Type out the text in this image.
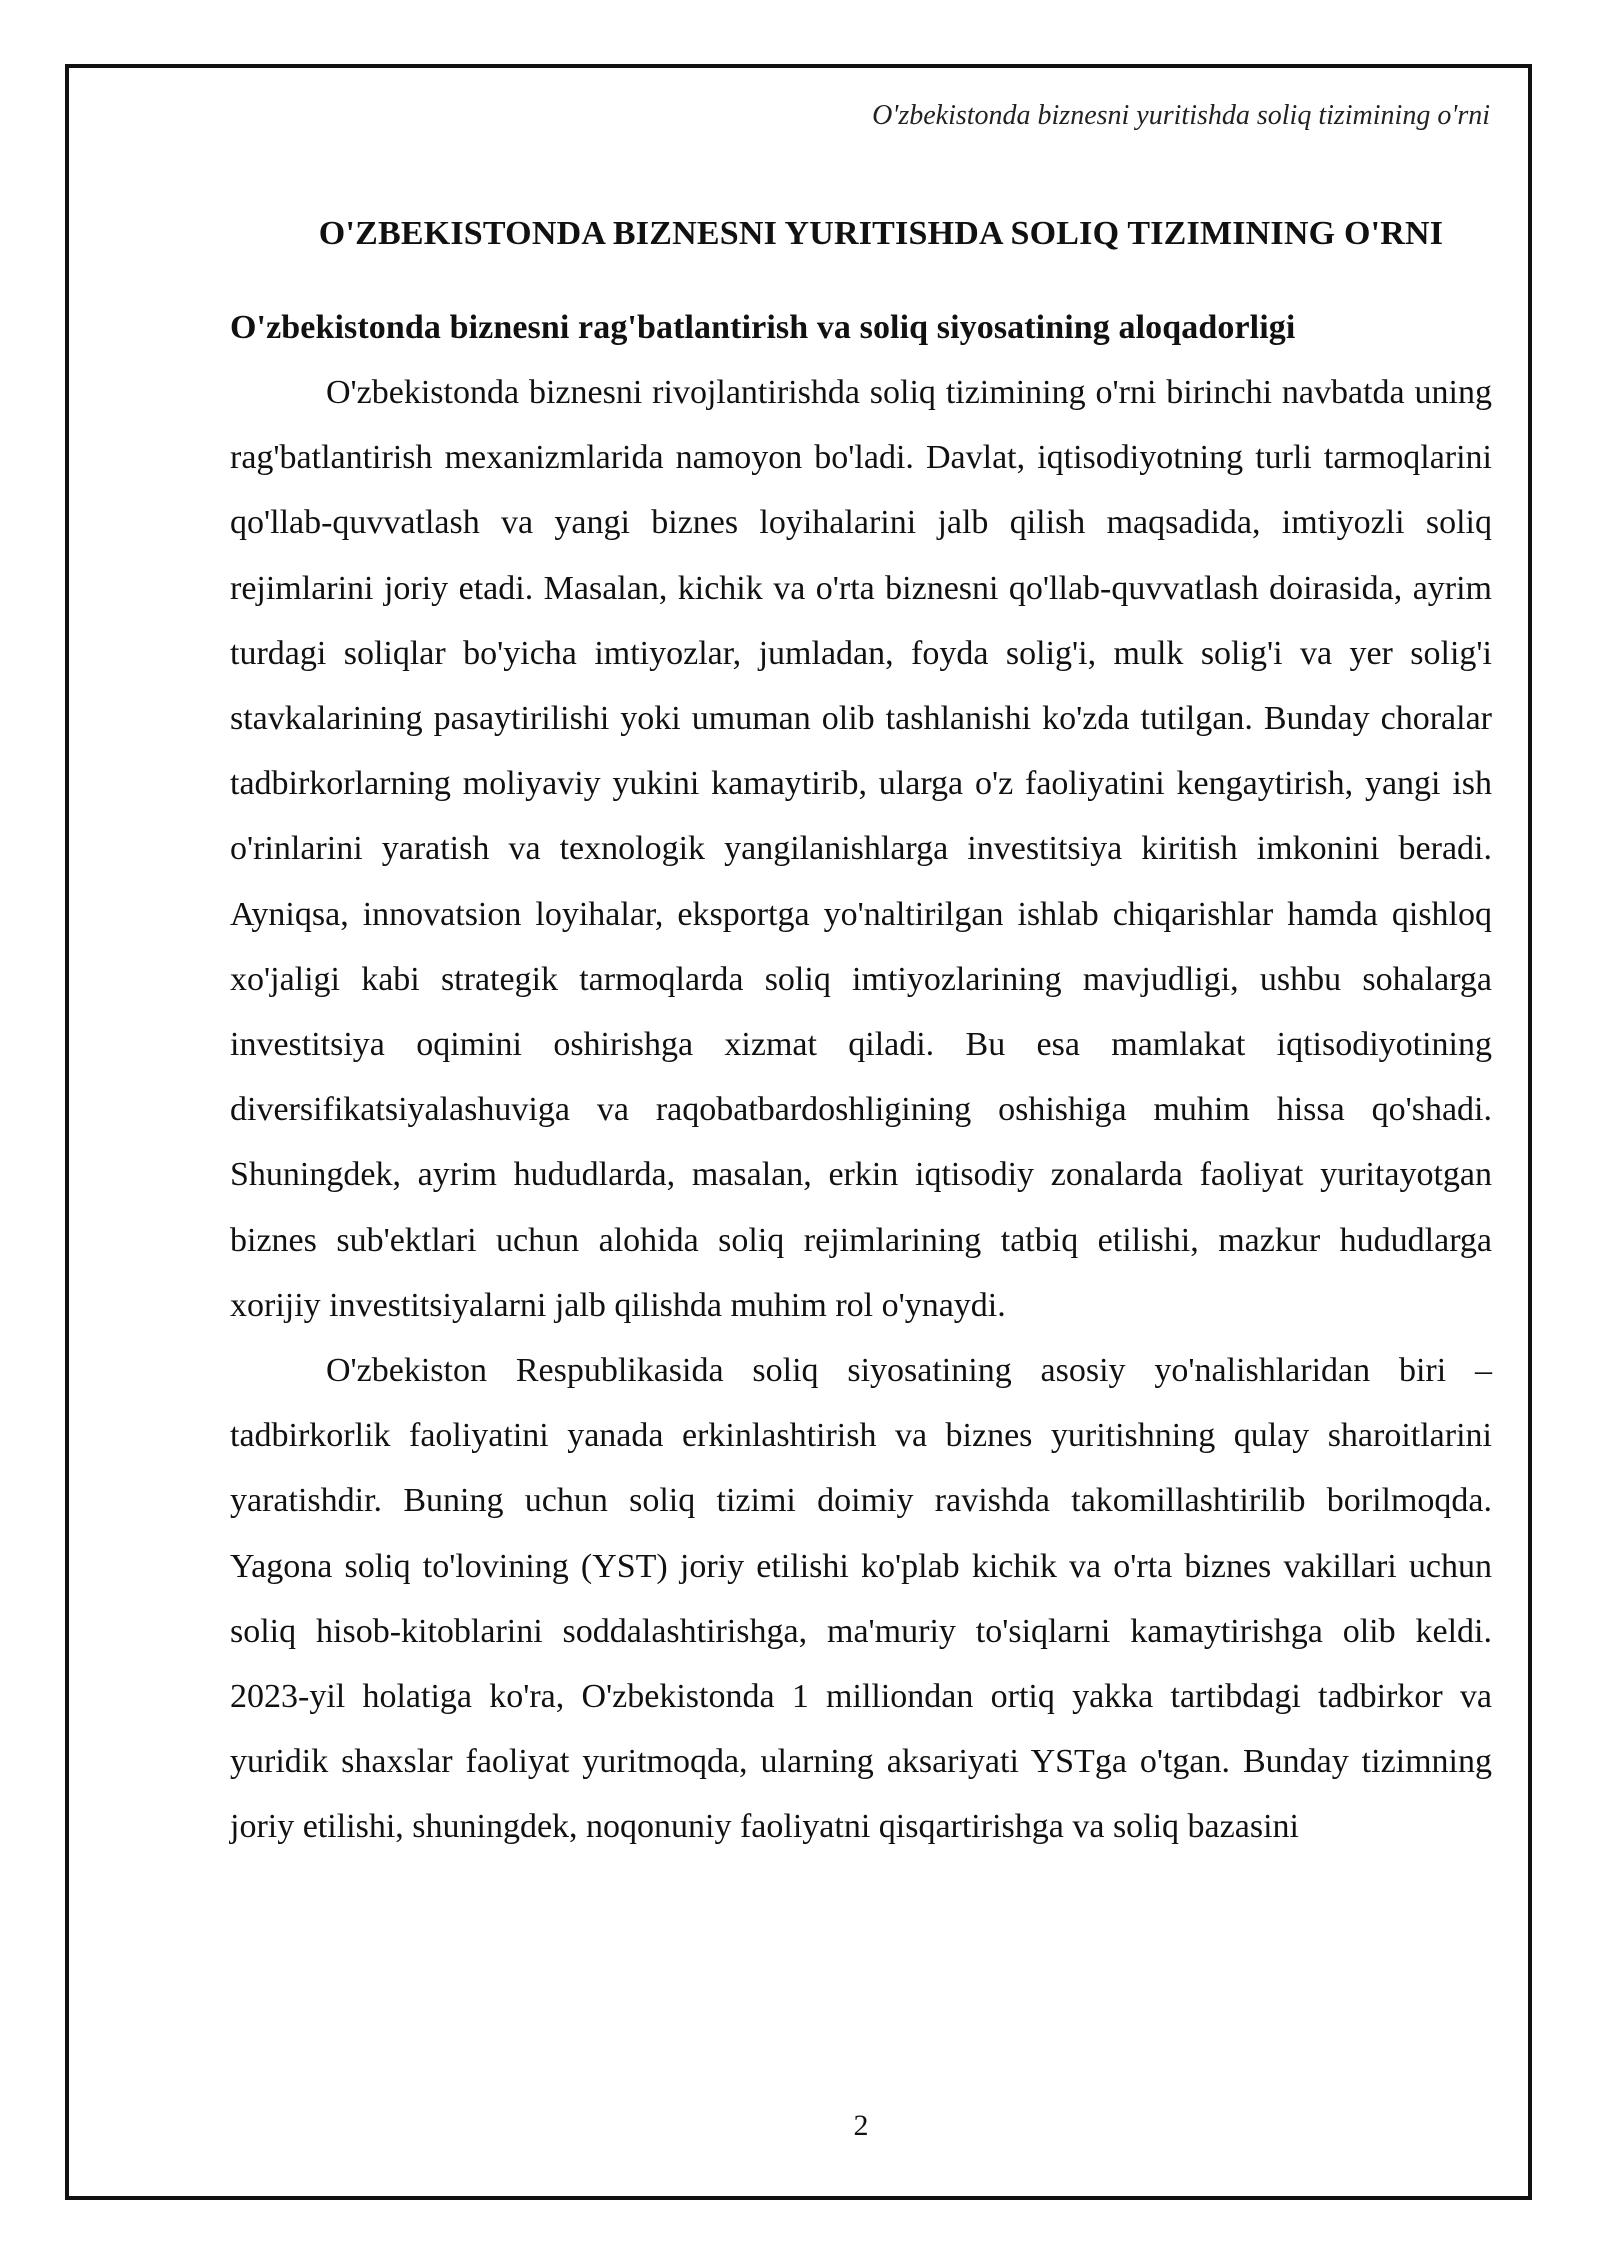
O'zbekistonda biznesni yuritishda soliq tizimining o'rni
O'ZBEKISTONDA BIZNESNI YURITISHDA SOLIQ TIZIMINING O'RNI
O'zbekistonda biznesni rag'batlantirish va soliq siyosatining aloqadorligi

O'zbekistonda biznesni rivojlantirishda soliq tizimining o'rni birinchi navbatda uning rag'batlantirish mexanizmlarida namoyon bo'ladi. Davlat, iqtisodiyotning turli tarmoqlarini qo'llab-quvvatlash va yangi biznes loyihalarini jalb qilish maqsadida, imtiyozli soliq rejimlarini joriy etadi. Masalan, kichik va o'rta biznesni qo'llab-quvvatlash doirasida, ayrim turdagi soliqlar bo'yicha imtiyozlar, jumladan, foyda solig'i, mulk solig'i va yer solig'i stavkalarining pasaytirilishi yoki umuman olib tashlanishi ko'zda tutilgan. Bunday choralar tadbirkorlarning moliyaviy yukini kamaytirib, ularga o'z faoliyatini kengaytirish, yangi ish o'rinlarini yaratish va texnologik yangilanishlarga investitsiya kiritish imkonini beradi. Ayniqsa, innovatsion loyihalar, eksportga yo'naltirilgan ishlab chiqarishlar hamda qishloq xo'jaligi kabi strategik tarmoqlarda soliq imtiyozlarining mavjudligi, ushbu sohalarga investitsiya oqimini oshirishga xizmat qiladi. Bu esa mamlakat iqtisodiyotining diversifikatsiyalashuviga va raqobatbardoshligining oshishiga muhim hissa qo'shadi. Shuningdek, ayrim hududlarda, masalan, erkin iqtisodiy zonalarda faoliyat yuritayotgan biznes sub'ektlari uchun alohida soliq rejimlarining tatbiq etilishi, mazkur hududlarga xorijiy investitsiyalarni jalb qilishda muhim rol o'ynaydi.

O'zbekiston Respublikasida soliq siyosatining asosiy yo'nalishlaridan biri – tadbirkorlik faoliyatini yanada erkinlashtirish va biznes yuritishning qulay sharoitlarini yaratishdir. Buning uchun soliq tizimi doimiy ravishda takomillashtirilib borilmoqda. Yagona soliq to'lovining (YST) joriy etilishi ko'plab kichik va o'rta biznes vakillari uchun soliq hisob-kitoblarini soddalashtirishga, ma'muriy to'siqlarni kamaytirishga olib keldi. 2023-yil holatiga ko'ra, O'zbekistonda 1 milliondan ortiq yakka tartibdagi tadbirkor va yuridik shaxslar faoliyat yuritmoqda, ularning aksariyati YSTga o'tgan. Bunday tizimning joriy etilishi, shuningdek, noqonuniy faoliyatni qisqartirishga va soliq bazasini

2
